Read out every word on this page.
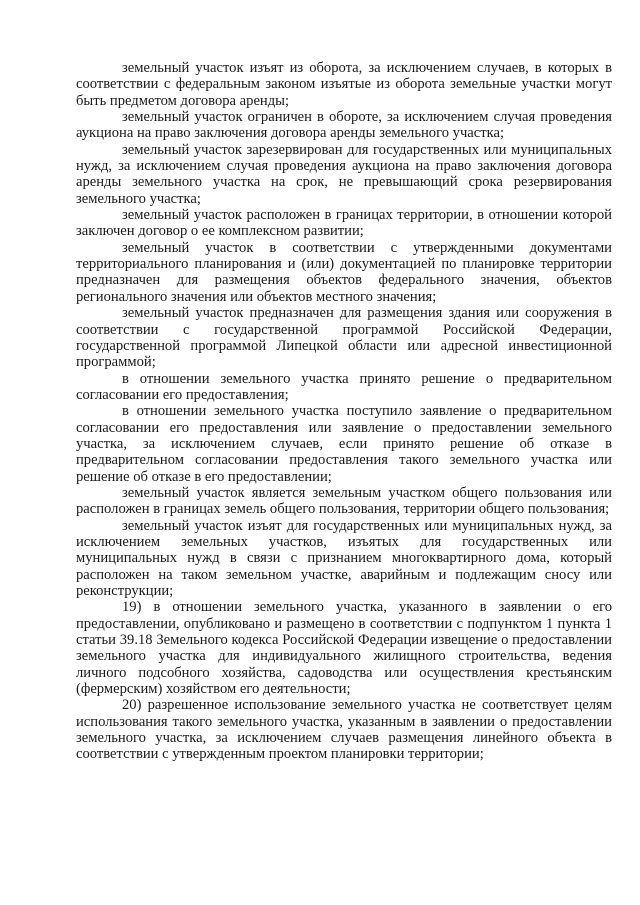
земельный участок изъят из оборота, за исключением случаев, в которых в соответствии с федеральным законом изъятые из оборота земельные участки могут быть предметом договора аренды;

земельный участок ограничен в обороте, за исключением случая проведения аукциона на право заключения договора аренды земельного участка;

земельный участок зарезервирован для государственных или муниципальных нужд, за исключением случая проведения аукциона на право заключения договора аренды земельного участка на срок, не превышающий срока резервирования земельного участка;

земельный участок расположен в границах территории, в отношении которой заключен договор о ее комплексном развитии;

земельный участок в соответствии с утвержденными документами территориального планирования и (или) документацией по планировке территории предназначен для размещения объектов федерального значения, объектов регионального значения или объектов местного значения;

земельный участок предназначен для размещения здания или сооружения в соответствии с государственной программой Российской Федерации, государственной программой Липецкой области или адресной инвестиционной программой;

в отношении земельного участка принято решение о предварительном согласовании его предоставления;

в отношении земельного участка поступило заявление о предварительном согласовании его предоставления или заявление о предоставлении земельного участка, за исключением случаев, если принято решение об отказе в предварительном согласовании предоставления такого земельного участка или решение об отказе в его предоставлении;

земельный участок является земельным участком общего пользования или расположен в границах земель общего пользования, территории общего пользования;

земельный участок изъят для государственных или муниципальных нужд, за исключением земельных участков, изъятых для государственных или муниципальных нужд в связи с признанием многоквартирного дома, который расположен на таком земельном участке, аварийным и подлежащим сносу или реконструкции;

19) в отношении земельного участка, указанного в заявлении о его предоставлении, опубликовано и размещено в соответствии с подпунктом 1 пункта 1 статьи 39.18 Земельного кодекса Российской Федерации извещение о предоставлении земельного участка для индивидуального жилищного строительства, ведения личного подсобного хозяйства, садоводства или осуществления крестьянским (фермерским) хозяйством его деятельности;

20) разрешенное использование земельного участка не соответствует целям использования такого земельного участка, указанным в заявлении о предоставлении земельного участка, за исключением случаев размещения линейного объекта в соответствии с утвержденным проектом планировки территории;
